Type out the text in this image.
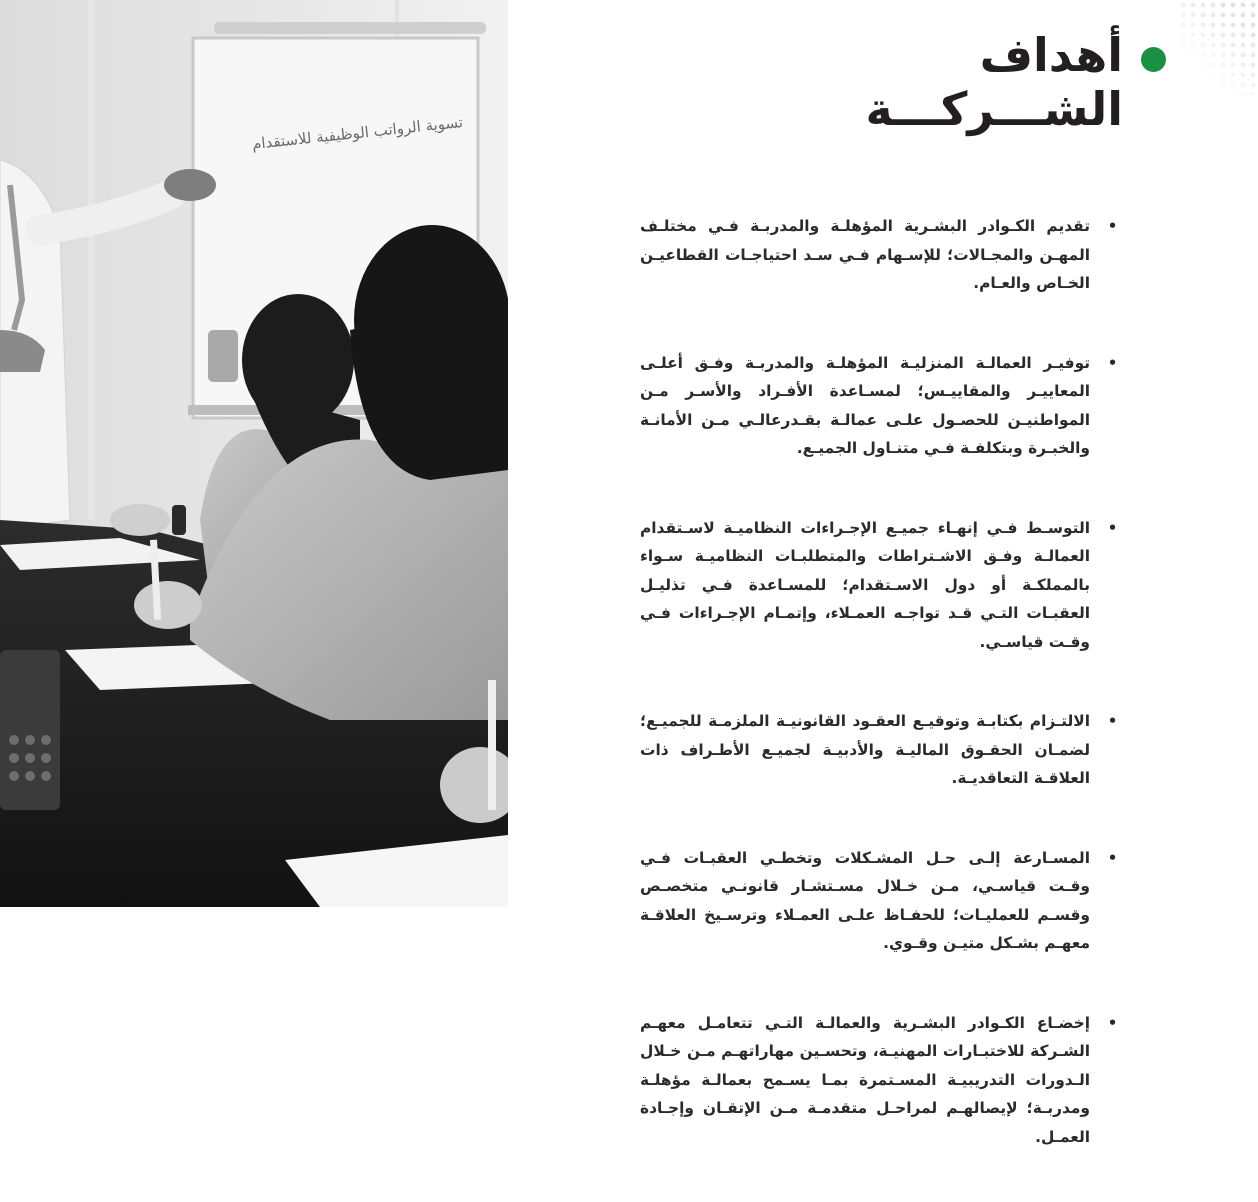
تسوية الرواتب الوظيفية للاستقدام
أهداف
الشـــركـــة
•
تقديم الكـوادر البشـرية المؤهلـة والمدربـة فـي مختلـف المهـن والمجـالات؛ للإسـهام فـي سـد احتياجـات القطاعيـن الخـاص والعـام.
•
توفيـر العمالـة المنزليـة المؤهلـة والمدربـة وفـق أعلـى المعاييـر والمقاييـس؛ لمسـاعدة الأفـراد والأسـر مـن المواطنيـن للحصـول علـى عمالـة بقـدرعالـي مـن الأمانـة والخبـرة وبتكلفـة فـي متنـاول الجميـع.
•
التوسـط فـي إنهـاء جميـع الإجـراءات النظاميـة لاسـتقدام العمالـة وفـق الاشـتراطات والمتطلبـات النظاميـة سـواء بالمملكـة أو دول الاسـتقدام؛ للمسـاعدة فـي تذليـل العقبـات التـي قـد تواجـه العمـلاء، وإتمـام الإجـراءات فـي وقـت قياسـي.
•
الالتـزام بكتابـة وتوقيـع العقـود القانونيـة الملزمـة للجميـع؛ لضمـان الحقـوق الماليـة والأدبيـة لجميـع الأطـراف ذات العلاقـة التعاقديـة.
•
المسـارعة إلـى حـل المشـكلات وتخطـي العقبـات فـي وقـت قياسـي، مـن خـلال مسـتشـار قانونـي متخصـص وقسـم للعمليـات؛ للحفـاظ علـى العمـلاء وترسـيخ العلاقـة معهـم بشـكل متيـن وقـوي.
•
إخضـاع الكـوادر البشـرية والعمالـة التـي تتعامـل معهـم الشـركة للاختبـارات المهنيـة، وتحسـين مهاراتهـم مـن خـلال الـدورات التدريبيـة المسـتمرة بمـا يسـمح بعمالـة مؤهلـة ومدربـة؛ لإيصالهـم لمراحـل متقدمـة مـن الإتقـان وإجـادة العمـل.
